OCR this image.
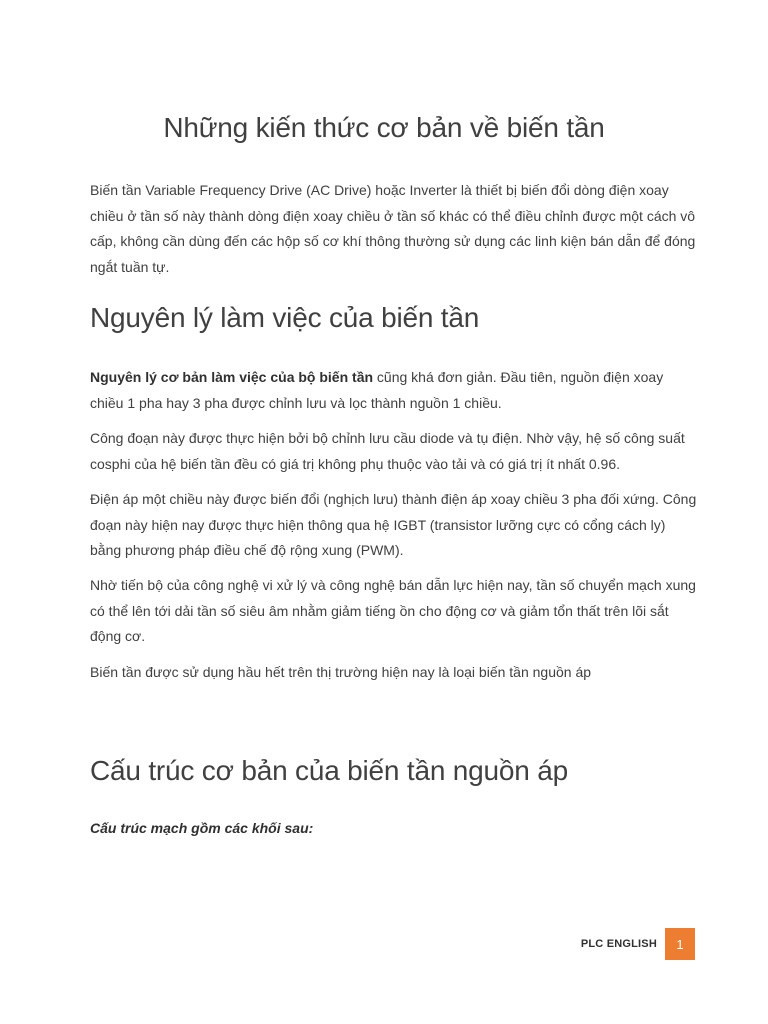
Những kiến thức cơ bản về biến tần

Biến tần Variable Frequency Drive (AC Drive) hoặc Inverter là thiết bị biến đổi dòng điện xoay chiều ở tần số này thành dòng điện xoay chiều ở tần số khác có thể điều chỉnh được một cách vô cấp, không cần dùng đến các hộp số cơ khí thông thường sử dụng các linh kiện bán dẫn để đóng ngắt tuần tự.

Nguyên lý làm việc của biến tần

Nguyên lý cơ bản làm việc của bộ biến tần cũng khá đơn giản. Đầu tiên, nguồn điện xoay chiều 1 pha hay 3 pha được chỉnh lưu và lọc thành nguồn 1 chiều.

Công đoạn này được thực hiện bởi bộ chỉnh lưu cầu diode và tụ điện. Nhờ vậy, hệ số công suất cosphi của hệ biến tần đều có giá trị không phụ thuộc vào tải và có giá trị ít nhất 0.96.

Điện áp một chiều này được biến đổi (nghịch lưu) thành điện áp xoay chiều 3 pha đối xứng. Công đoạn này hiện nay được thực hiện thông qua hệ IGBT (transistor lưỡng cực có cổng cách ly) bằng phương pháp điều chế độ rộng xung (PWM).

Nhờ tiến bộ của công nghệ vi xử lý và công nghệ bán dẫn lực hiện nay, tần số chuyển mạch xung có thể lên tới dải tần số siêu âm nhằm giảm tiếng ồn cho động cơ và giảm tổn thất trên lõi sắt động cơ.

Biến tần được sử dụng hầu hết trên thị trường hiện nay là loại biến tần nguồn áp

Cấu trúc cơ bản của biến tần nguồn áp

Cấu trúc mạch gồm các khối sau:

PLC ENGLISH	1
